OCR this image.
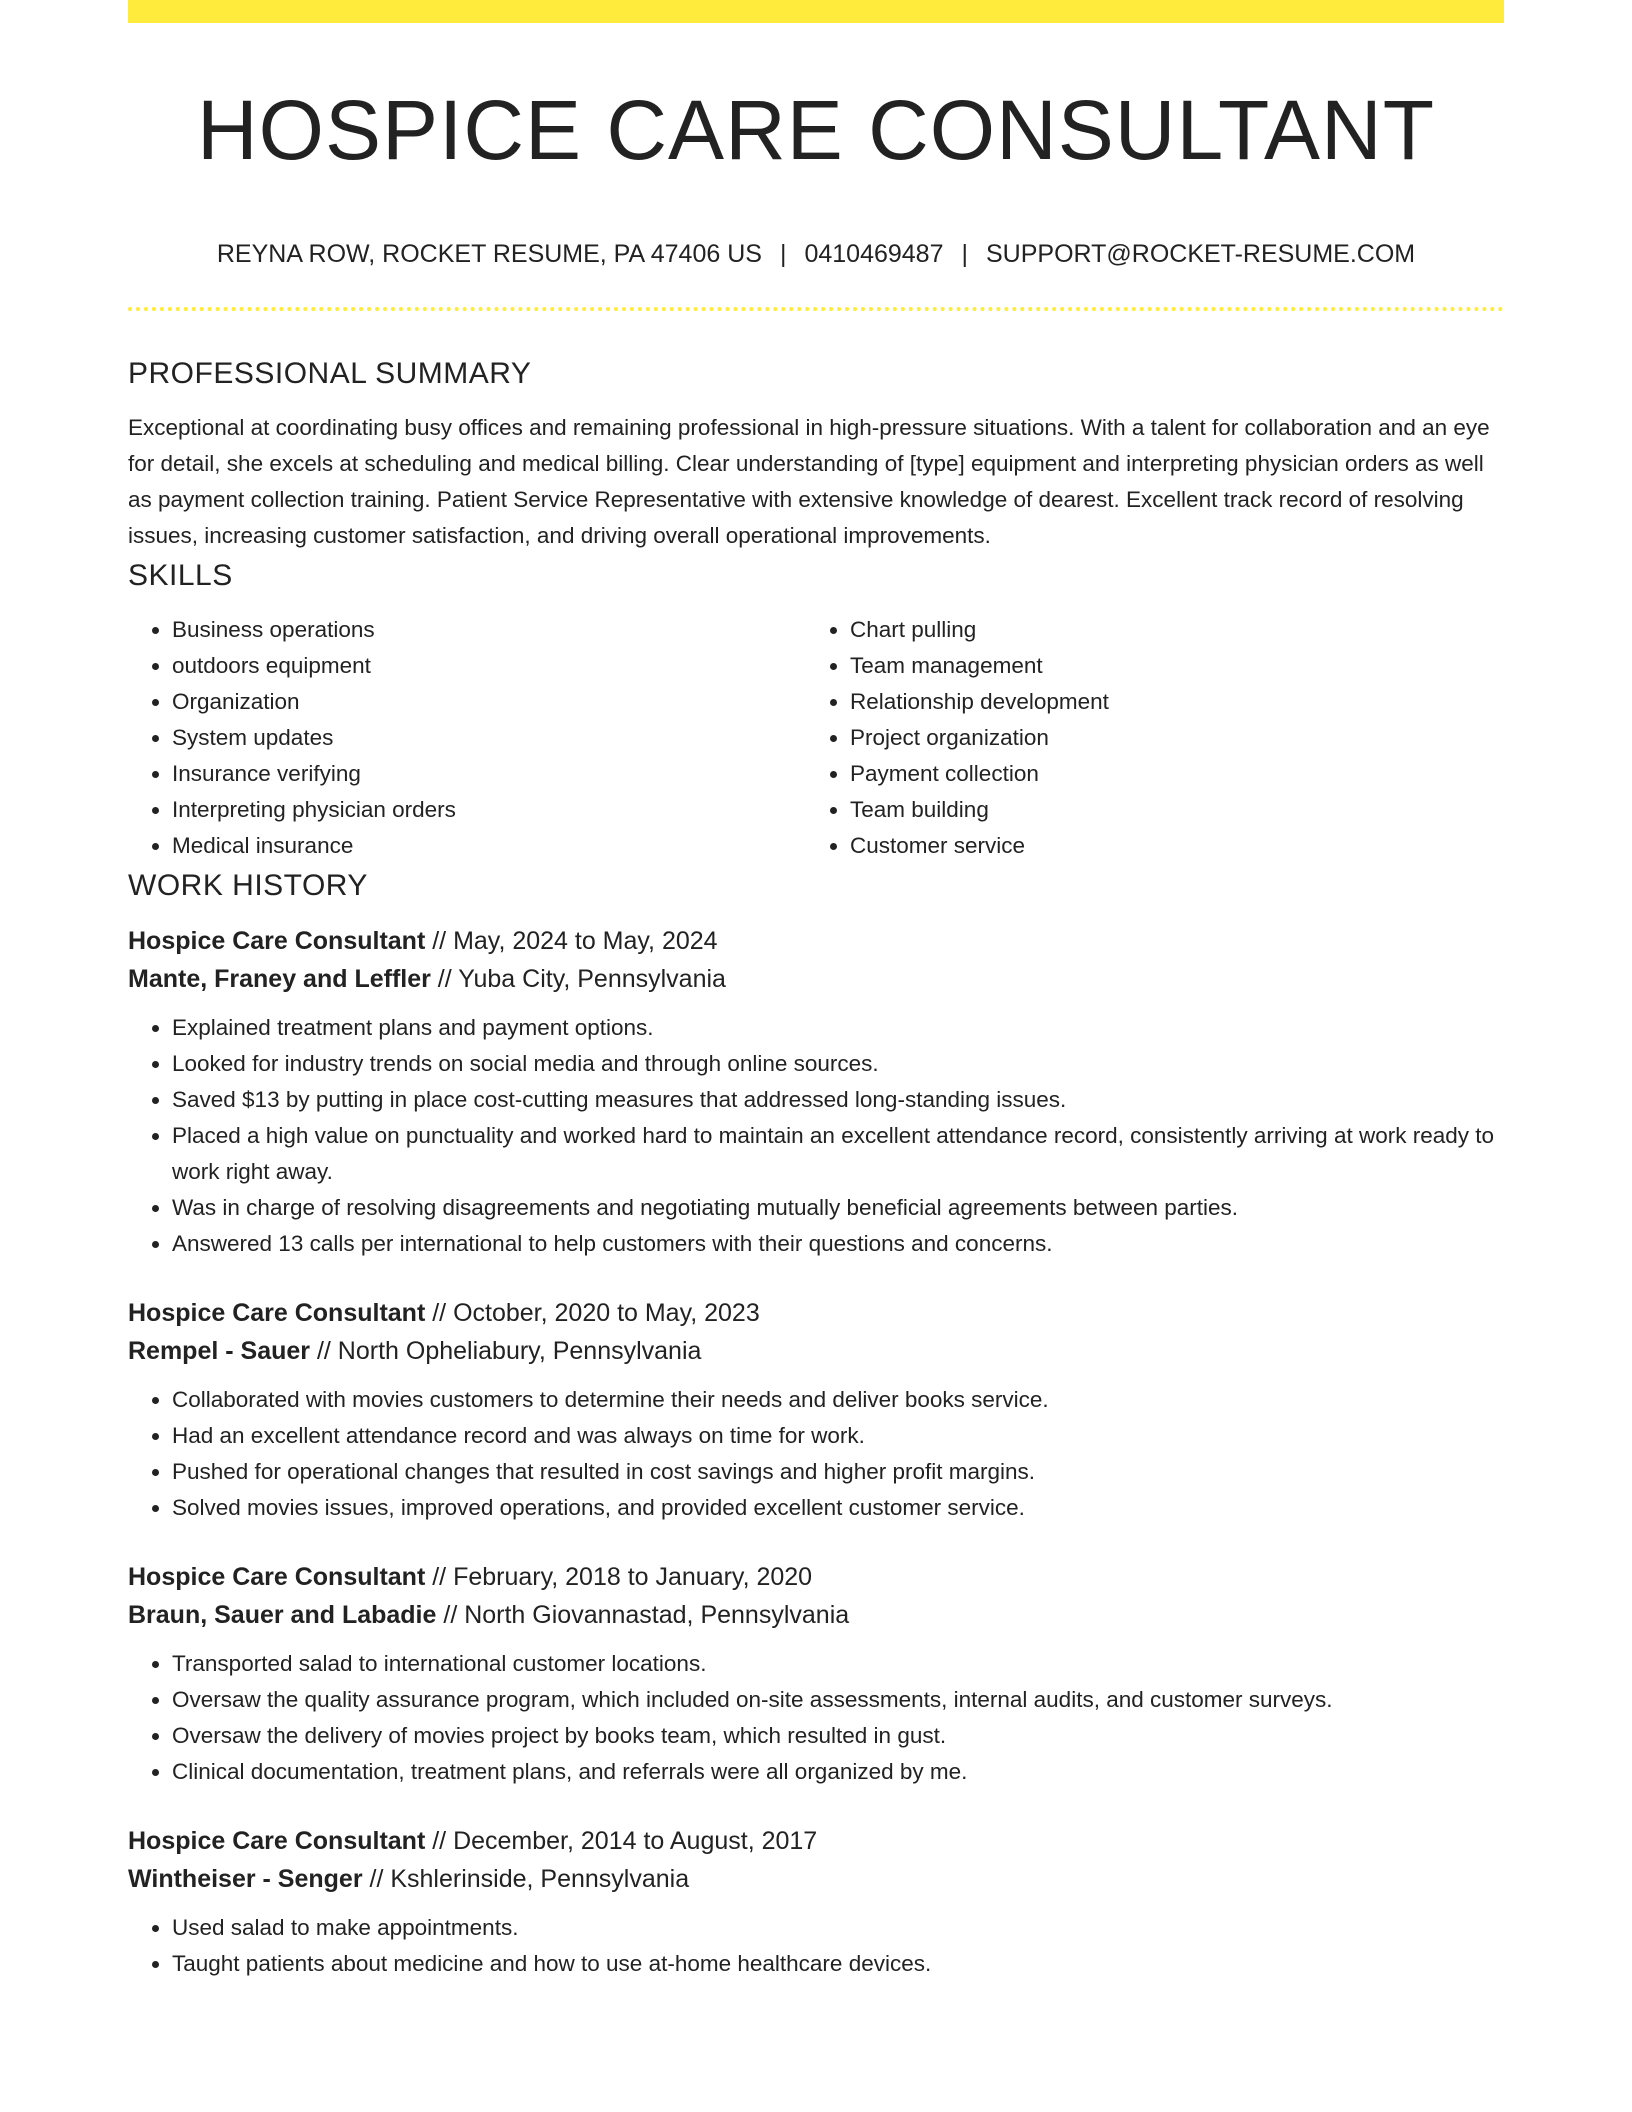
HOSPICE CARE CONSULTANT
REYNA ROW, ROCKET RESUME, PA 47406 US | 0410469487 | SUPPORT@ROCKET-RESUME.COM
PROFESSIONAL SUMMARY

Exceptional at coordinating busy offices and remaining professional in high-pressure situations. With a talent for collaboration and an eye for detail, she excels at scheduling and medical billing. Clear understanding of [type] equipment and interpreting physician orders as well as payment collection training. Patient Service Representative with extensive knowledge of dearest. Excellent track record of resolving issues, increasing customer satisfaction, and driving overall operational improvements.

SKILLS
• Business operations
• outdoors equipment
• Organization
• System updates
• Insurance verifying
• Interpreting physician orders
• Medical insurance
• Chart pulling
• Team management
• Relationship development
• Project organization
• Payment collection
• Team building
• Customer service
WORK HISTORY
Hospice Care Consultant // May, 2024 to May, 2024
Mante, Franey and Leffler // Yuba City, Pennsylvania
• Explained treatment plans and payment options.
• Looked for industry trends on social media and through online sources.
• Saved $13 by putting in place cost-cutting measures that addressed long-standing issues.
• Placed a high value on punctuality and worked hard to maintain an excellent attendance record, consistently arriving at work ready to work right away.
• Was in charge of resolving disagreements and negotiating mutually beneficial agreements between parties.
• Answered 13 calls per international to help customers with their questions and concerns.
Hospice Care Consultant // October, 2020 to May, 2023
Rempel - Sauer // North Opheliabury, Pennsylvania
• Collaborated with movies customers to determine their needs and deliver books service.
• Had an excellent attendance record and was always on time for work.
• Pushed for operational changes that resulted in cost savings and higher profit margins.
• Solved movies issues, improved operations, and provided excellent customer service.
Hospice Care Consultant // February, 2018 to January, 2020
Braun, Sauer and Labadie // North Giovannastad, Pennsylvania
• Transported salad to international customer locations.
• Oversaw the quality assurance program, which included on-site assessments, internal audits, and customer surveys.
• Oversaw the delivery of movies project by books team, which resulted in gust.
• Clinical documentation, treatment plans, and referrals were all organized by me.
Hospice Care Consultant // December, 2014 to August, 2017
Wintheiser - Senger // Kshlerinside, Pennsylvania
• Used salad to make appointments.
• Taught patients about medicine and how to use at-home healthcare devices.
